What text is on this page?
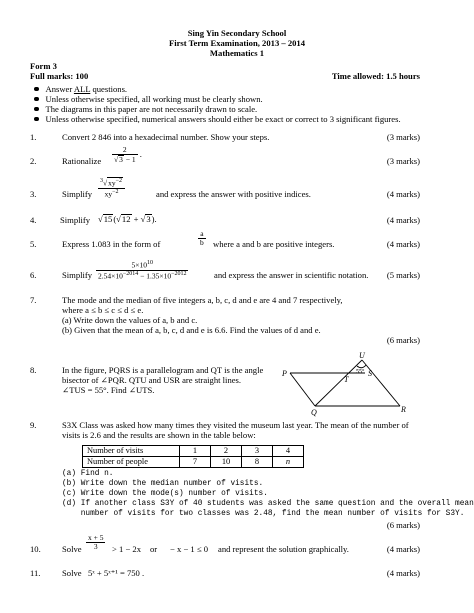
Sing Yin Secondary School
First Term Examination, 2013 – 2014
Mathematics 1
Form 3
Full marks: 100	Time allowed: 1.5 hours
Answer ALL questions.
Unless otherwise specified, all working must be clearly shown.
The diagrams in this paper are not necessarily drawn to scale.
Unless otherwise specified, numerical answers should either be exact or correct to 3 significant figures.
1.	Convert 2 846 into a hexadecimal number. Show your steps.	(3 marks)
2.	Rationalize $\frac{2}{√3 - 1}$ .
(3 marks)
3.	Simplify $\frac{^3√xy^{-2}}{xy^{-2}}$	and express the answer with positive indices.	(4 marks)
4.	Simplify √15(√12 + √3).	(4 marks)
5.	Express 1.083 in the form of	$\frac{a}{b}$ where a and b are positive integers.	(4 marks)
6.	Simplify $\frac{5\times 10^{10}}{2.54\times 10^{-2014} - 1.35\times 10^{-2012}}$	and express the answer in scientific notation. (5 marks)
7.	The mode and the median of five integers a, b, c, d and e are 4 and 7 respectively,
where a ≤ b ≤ c ≤ d ≤ e.
(a) Write down the values of a, b and c.
(b) Given that the mean of a, b, c, d and e is 6.6. Find the values of d and e.
(6 marks)
8.	In the figure, PQRS is a parallelogram and QT is the angle
bisector of ∠PQR. QTU and USR are straight lines.
∠TUS = 55°. Find ∠UTS.
U
P	S
T
Q	R
55°
9.	S3X Class was asked how many times they visited the museum last year. The mean of the number of
visits is 2.6 and the results are shown in the table below:
Number of visits	1	2	3	4
Number of people	7	10	8	n
(a) Find n.
(b) Write down the median number of visits.
(c) Write down the mode(s) number of visits.
(d) If another class S3Y of 40 students was asked the same question and the overall mean
number of visits for two classes was 2.48, find the mean number of visits for S3Y.
(6 marks)
10. Solve $\frac{x + 5}{3} > 1 - 2x$ or − x − 1 ≤ 0 and represent the solution graphically.	(4 marks)
11.	Solve 5ˣ + 5ˣ⁺¹ = 750 .	(4 marks)
